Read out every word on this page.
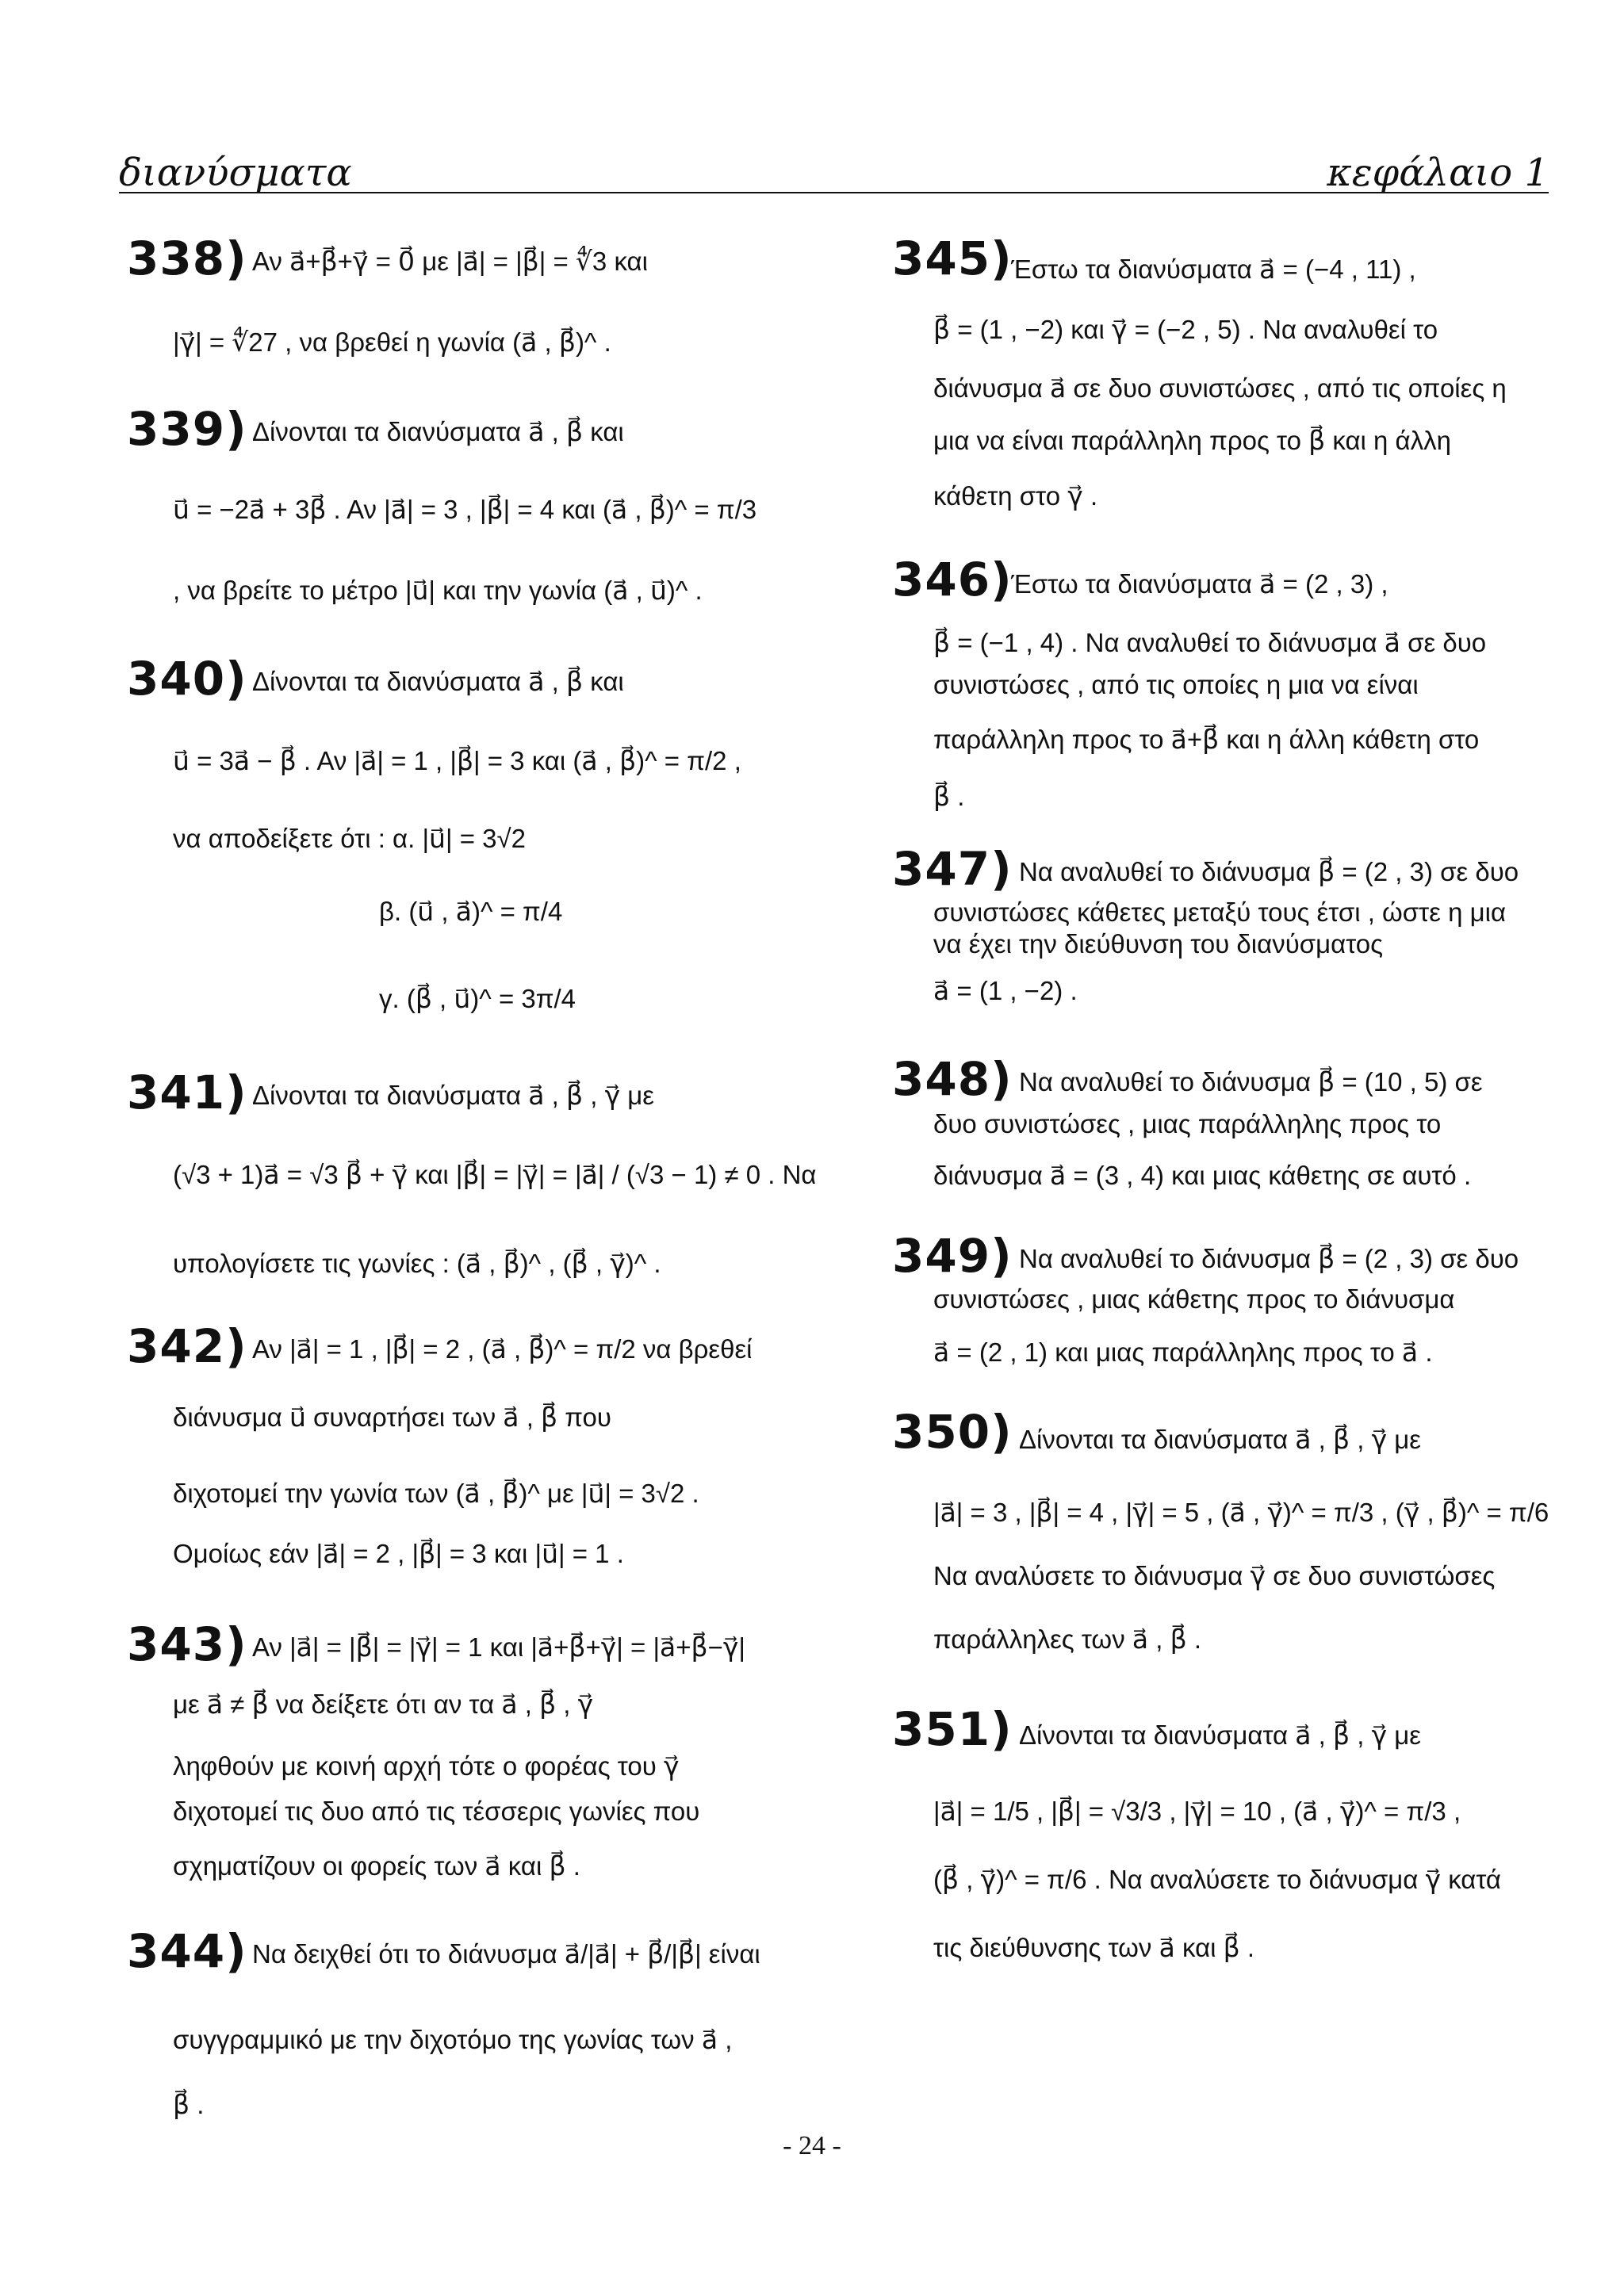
διανύσματα	κεφάλαιο 1
338) Αν a⃗+β⃗+γ⃗ = 0⃗ με |a⃗| = |β⃗| = ∜3 και
|γ⃗| = ∜27 , να βρεθεί η γωνία (a⃗ , β⃗)^ .
339) Δίνονται τα διανύσματα a⃗ , β⃗ και
u⃗ = −2a⃗ + 3β⃗ . Αν |a⃗| = 3 , |β⃗| = 4 και (a⃗ , β⃗)^ = π/3
, να βρείτε το μέτρο |u⃗| και την γωνία (a⃗ , u⃗)^ .
340) Δίνονται τα διανύσματα a⃗ , β⃗ και
u⃗ = 3a⃗ − β⃗ . Αν |a⃗| = 1 , |β⃗| = 3 και (a⃗ , β⃗)^ = π/2 ,
να αποδείξετε ότι : α. |u⃗| = 3√2
β. (u⃗ , a⃗)^ = π/4
γ. (β⃗ , u⃗)^ = 3π/4
341) Δίνονται τα διανύσματα a⃗ , β⃗ , γ⃗ με
(√3 + 1)a⃗ = √3 β⃗ + γ⃗ και |β⃗| = |γ⃗| = |a⃗| / (√3 − 1) ≠ 0 . Να
υπολογίσετε τις γωνίες : (a⃗ , β⃗)^ , (β⃗ , γ⃗)^ .
342) Αν |a⃗| = 1 , |β⃗| = 2 , (a⃗ , β⃗)^ = π/2 να βρεθεί
διάνυσμα u⃗ συναρτήσει των a⃗ , β⃗ που
διχοτομεί την γωνία των (a⃗ , β⃗)^ με |u⃗| = 3√2 .
Ομοίως εάν |a⃗| = 2 , |β⃗| = 3 και |u⃗| = 1 .
343) Αν |a⃗| = |β⃗| = |γ⃗| = 1 και |a⃗+β⃗+γ⃗| = |a⃗+β⃗−γ⃗|
με a⃗ ≠ β⃗ να δείξετε ότι αν τα a⃗ , β⃗ , γ⃗
ληφθούν με κοινή αρχή τότε ο φορέας του γ⃗
διχοτομεί τις δυο από τις τέσσερις γωνίες που
σχηματίζουν οι φορείς των a⃗ και β⃗ .
344) Να δειχθεί ότι το διάνυσμα a⃗/|a⃗| + β⃗/|β⃗| είναι
συγγραμμικό με την διχοτόμο της γωνίας των a⃗ ,
β⃗ .
345)
Έστω τα διανύσματα a⃗ = (−4 , 11) ,
β⃗ = (1 , −2) και γ⃗ = (−2 , 5) . Να αναλυθεί το
διάνυσμα a⃗ σε δυο συνιστώσες , από τις οποίες η
μια να είναι παράλληλη προς το β⃗ και η άλλη
κάθετη στο γ⃗ .
346)
Έστω τα διανύσματα a⃗ = (2 , 3) ,
β⃗ = (−1 , 4) . Να αναλυθεί το διάνυσμα a⃗ σε δυο
συνιστώσες , από τις οποίες η μια να είναι
παράλληλη προς το a⃗+β⃗ και η άλλη κάθετη στο
β⃗ .
347) Να αναλυθεί το διάνυσμα β⃗ = (2 , 3) σε δυο
συνιστώσες κάθετες μεταξύ τους έτσι , ώστε η μια
να έχει την διεύθυνση του διανύσματος
a⃗ = (1 , −2) .
348) Να αναλυθεί το διάνυσμα β⃗ = (10 , 5) σε
δυο συνιστώσες , μιας παράλληλης προς το
διάνυσμα a⃗ = (3 , 4) και μιας κάθετης σε αυτό .
349) Να αναλυθεί το διάνυσμα β⃗ = (2 , 3) σε δυο
συνιστώσες , μιας κάθετης προς το διάνυσμα
a⃗ = (2 , 1) και μιας παράλληλης προς το a⃗ .
350) Δίνονται τα διανύσματα a⃗ , β⃗ , γ⃗ με
|a⃗| = 3 , |β⃗| = 4 , |γ⃗| = 5 , (a⃗ , γ⃗)^ = π/3 , (γ⃗ , β⃗)^ = π/6
Να αναλύσετε το διάνυσμα γ⃗ σε δυο συνιστώσες
παράλληλες των a⃗ , β⃗ .
351) Δίνονται τα διανύσματα a⃗ , β⃗ , γ⃗ με
|a⃗| = 1/5 , |β⃗| = √3/3 , |γ⃗| = 10 , (a⃗ , γ⃗)^ = π/3 ,
(β⃗ , γ⃗)^ = π/6 . Να αναλύσετε το διάνυσμα γ⃗ κατά
τις διεύθυνσης των a⃗ και β⃗ .
- 24 -
